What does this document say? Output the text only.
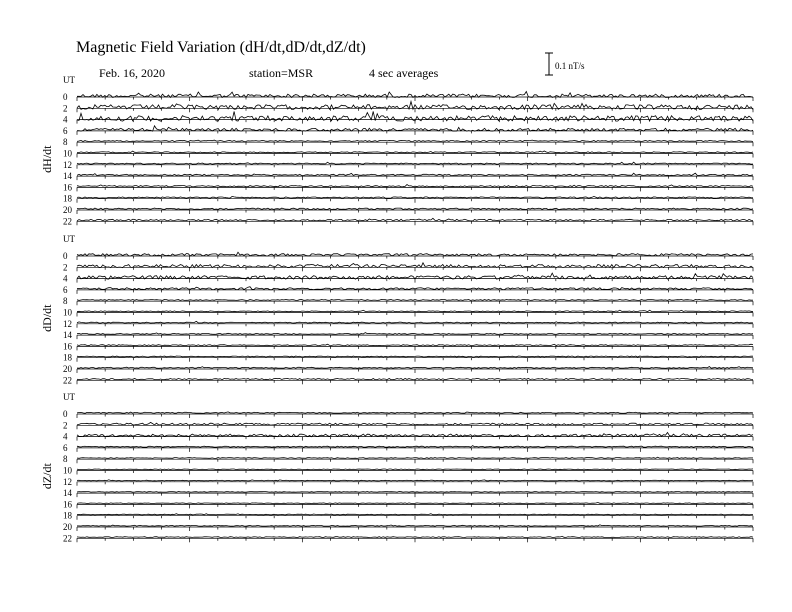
Magnetic Field Variation (dH/dt,dD/dt,dZ/dt)
Feb. 16, 2020	station=MSR	4 sec averages	0.1 nT/s
UT
dH/dt
0
2
4
6
8
10
12
14
16
18
20
22
UT
dD/dt
0
2
4
6
8
10
12
14
16
18
20
22
UT
dZ/dt
0
2
4
6
8
10
12
14
16
18
20
22
